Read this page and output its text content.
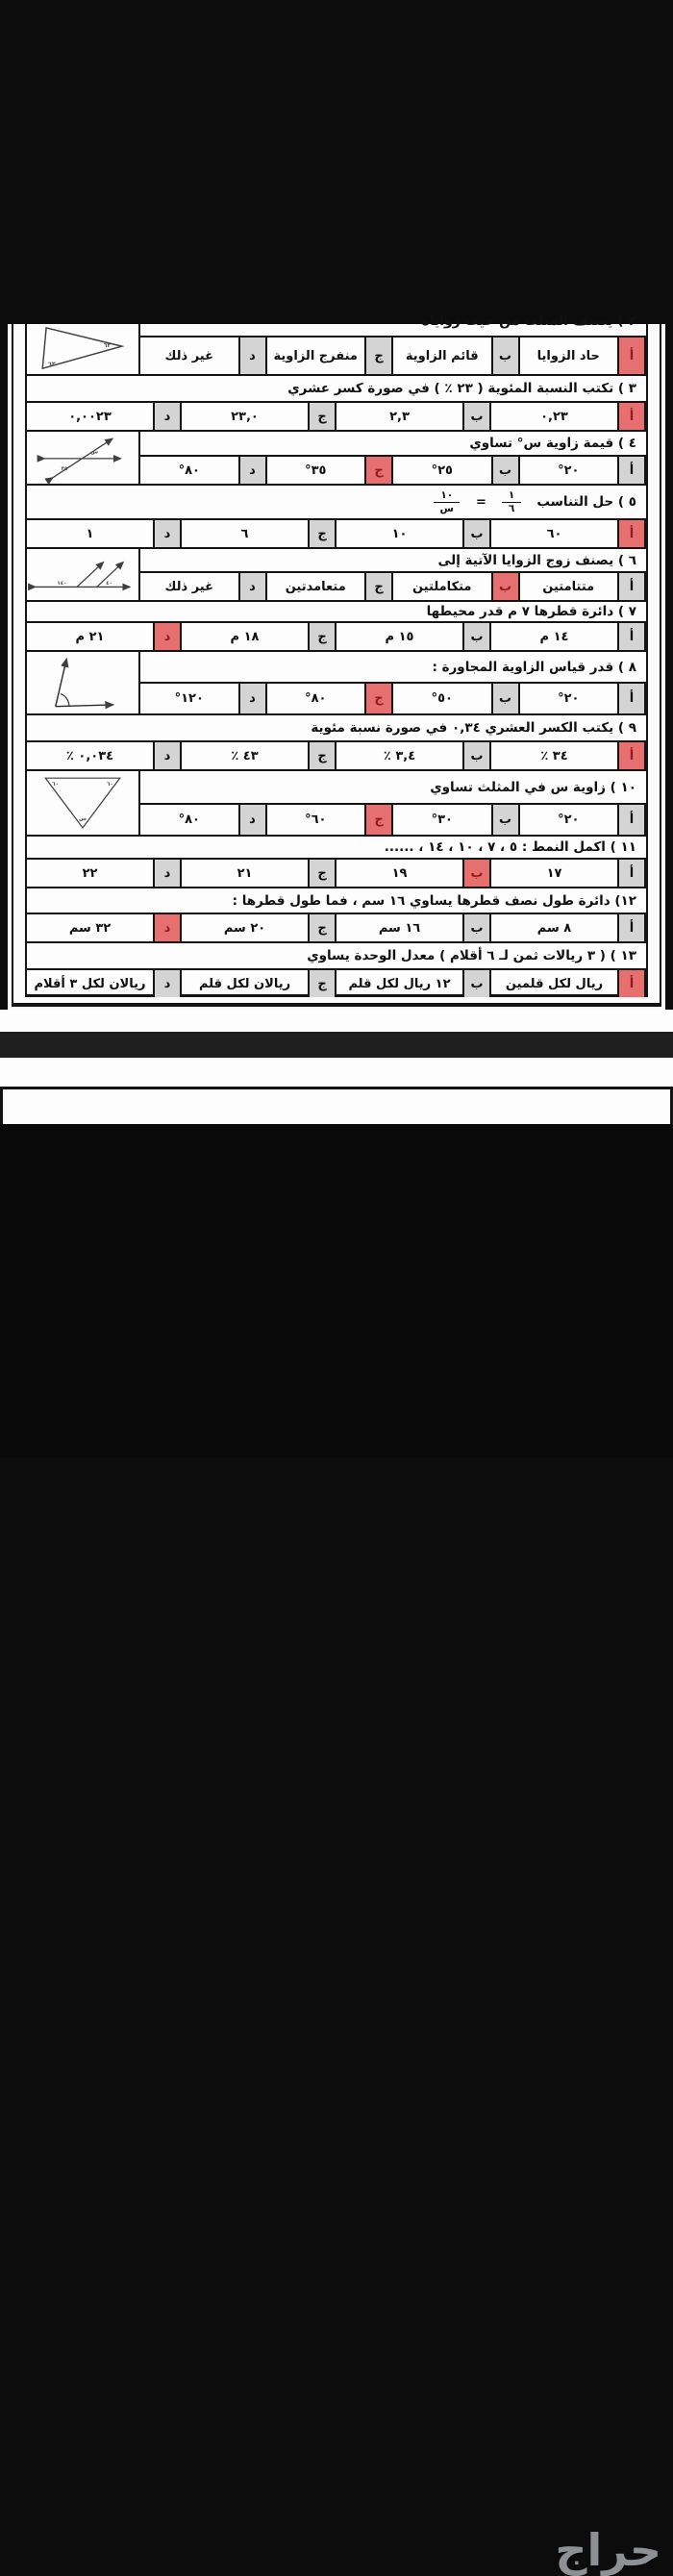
٢ ) يصنف المثلث من حيث زواياه
أ
حاد الزوايا
ب
قائم الزاوية
ج
منفرج الزاوية
د
غير ذلك
٦٢
٦٢
٣ ) تكتب النسبة المئوية ( ٢٣ ٪ ) في صورة كسر عشري
أ
٠,٢٣
ب
٢,٣
ج
٢٣,٠
د
٠,٠٠٢٣
٤ ) قيمة زاوية س° تساوي
أ
٢٠°
ب
٢٥°
ج
٣٥°
د
٨٠°
س
٣٥
٥ ) حل التناسب
$\frac{١}{٦}$
=
$\frac{١٠}{\text{س}}$
أ
٦٠
ب
١٠
ج
٦
د
١
٦ ) يصنف زوج الزوايا الآتية إلى
أ
متتامتين
ب
متكاملتين
ج
متعامدتين
د
غير ذلك
١٤٠	٤٠
٧ ) دائرة قطرها ٧ م قدر محيطها
أ
١٤ م
ب
١٥ م
ج
١٨ م
د
٢١ م
٨ ) قدر قياس الزاوية المجاورة :
أ
٢٠°
ب
٥٠°
ج
٨٠°
د
١٢٠°
٩ ) يكتب الكسر العشري ٠,٣٤ في صورة نسبة مئوية
أ
٣٤ ٪
ب
٣,٤ ٪
ج
٤٣ ٪
د
٠,٠٣٤ ٪
١٠ ) زاوية س في المثلث تساوي
أ
٢٠°
ب
٣٠°
ج
٦٠°
د
٨٠°
٦٠	٦٠
س
١١ ) اكمل النمط : ٥ ، ٧ ، ١٠ ، ١٤ ، ......
أ
١٧
ب
١٩
ج
٢١
د
٢٢
١٢) دائرة طول نصف قطرها يساوي ١٦ سم ، فما طول قطرها :
أ
٨ سم
ب
١٦ سم
ج
٢٠ سم
د
٣٢ سم
١٣ ) ( ٣ ريالات ثمن لـ ٦ أقلام ) معدل الوحدة يساوي
أ
ريال لكل قلمين
ب
١٢ ريال لكل قلم
ج
ريالان لكل قلم
د
ريالان لكل ٣ أقلام
حراج
